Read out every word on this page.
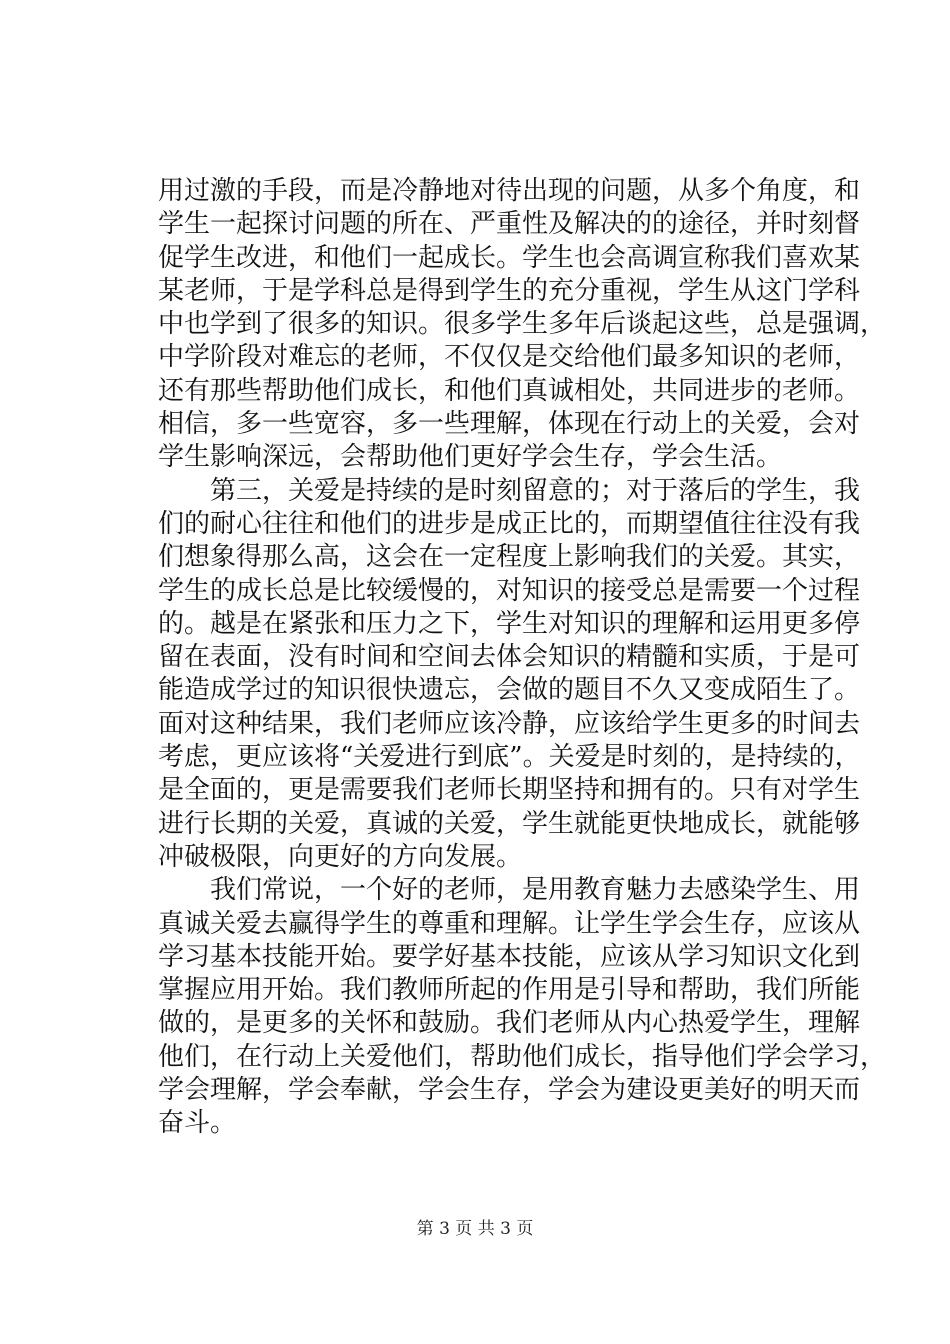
用过激的手段，而是冷静地对待出现的问题，从多个角度，和
学生一起探讨问题的所在、严重性及解决的的途径，并时刻督
促学生改进，和他们一起成长。学生也会高调宣称我们喜欢某
某老师，于是学科总是得到学生的充分重视，学生从这门学科
中也学到了很多的知识。很多学生多年后谈起这些，总是强调，
中学阶段对难忘的老师，不仅仅是交给他们最多知识的老师，
还有那些帮助他们成长，和他们真诚相处，共同进步的老师。
相信，多一些宽容，多一些理解，体现在行动上的关爱，会对
学生影响深远，会帮助他们更好学会生存，学会生活。
　　第三，关爱是持续的是时刻留意的；对于落后的学生，我
们的耐心往往和他们的进步是成正比的，而期望值往往没有我
们想象得那么高，这会在一定程度上影响我们的关爱。其实，
学生的成长总是比较缓慢的，对知识的接受总是需要一个过程
的。越是在紧张和压力之下，学生对知识的理解和运用更多停
留在表面，没有时间和空间去体会知识的精髓和实质，于是可
能造成学过的知识很快遗忘，会做的题目不久又变成陌生了。
面对这种结果，我们老师应该冷静，应该给学生更多的时间去
考虑，更应该将“关爱进行到底”。关爱是时刻的，是持续的，
是全面的，更是需要我们老师长期坚持和拥有的。只有对学生
进行长期的关爱，真诚的关爱，学生就能更快地成长，就能够
冲破极限，向更好的方向发展。
　　我们常说，一个好的老师，是用教育魅力去感染学生、用
真诚关爱去赢得学生的尊重和理解。让学生学会生存，应该从
学习基本技能开始。要学好基本技能，应该从学习知识文化到
掌握应用开始。我们教师所起的作用是引导和帮助，我们所能
做的，是更多的关怀和鼓励。我们老师从内心热爱学生，理解
他们，在行动上关爱他们，帮助他们成长，指导他们学会学习，
学会理解，学会奉献，学会生存，学会为建设更美好的明天而
奋斗。
第 3 页 共 3 页
